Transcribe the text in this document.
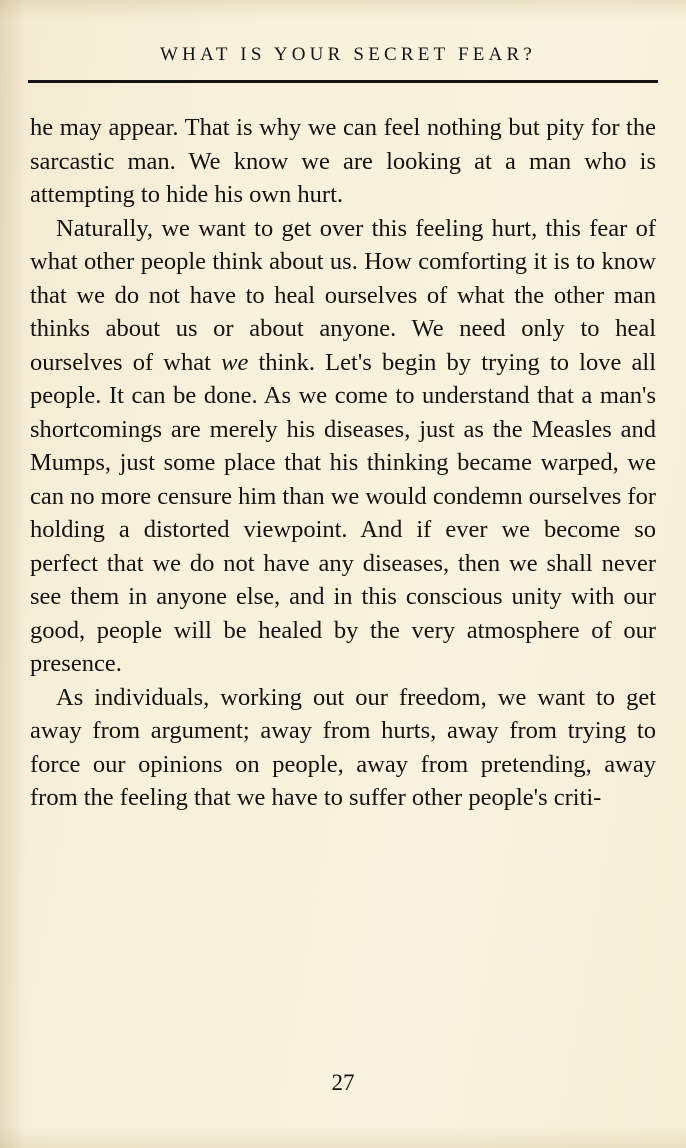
WHAT IS YOUR SECRET FEAR?

he may appear. That is why we can feel nothing but pity for the sarcastic man. We know we are looking at a man who is attempting to hide his own hurt.

Naturally, we want to get over this feeling hurt, this fear of what other people think about us. How comforting it is to know that we do not have to heal ourselves of what the other man thinks about us or about anyone. We need only to heal ourselves of what we think. Let's begin by trying to love all people. It can be done. As we come to understand that a man's shortcomings are merely his diseases, just as the Measles and Mumps, just some place that his thinking became warped, we can no more censure him than we would condemn ourselves for holding a distorted viewpoint. And if ever we become so perfect that we do not have any diseases, then we shall never see them in anyone else, and in this conscious unity with our good, people will be healed by the very atmosphere of our presence.

As individuals, working out our freedom, we want to get away from argument; away from hurts, away from trying to force our opinions on people, away from pretending, away from the feeling that we have to suffer other people's criti-

27
